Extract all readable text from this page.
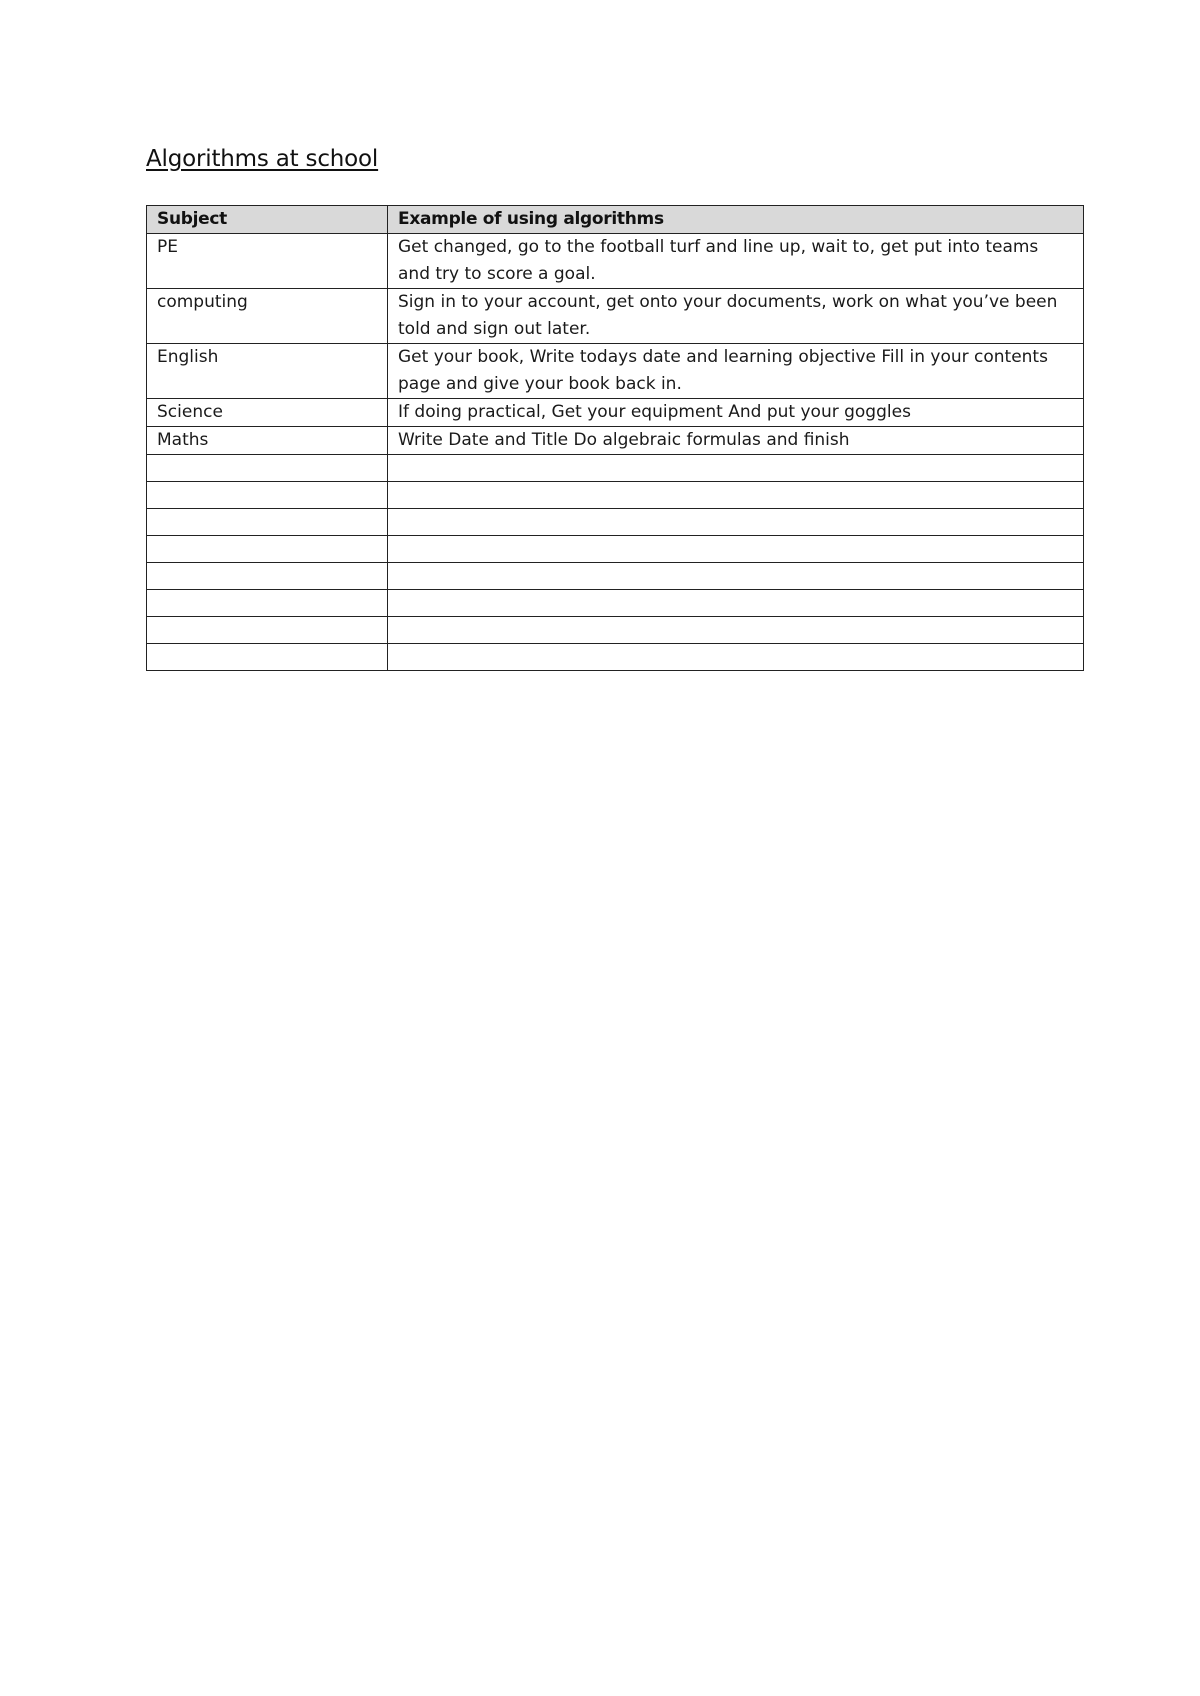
Algorithms at school
Subject	Example of using algorithms
PE	Get changed, go to the football turf and line up, wait to, get put into teams and try to score a goal.
computing	Sign in to your account, get onto your documents, work on what you’ve been told and sign out later.
English	Get your book, Write todays date and learning objective Fill in your contents page and give your book back in.
Science	If doing practical, Get your equipment And put your goggles
Maths	Write Date and Title Do algebraic formulas and finish
